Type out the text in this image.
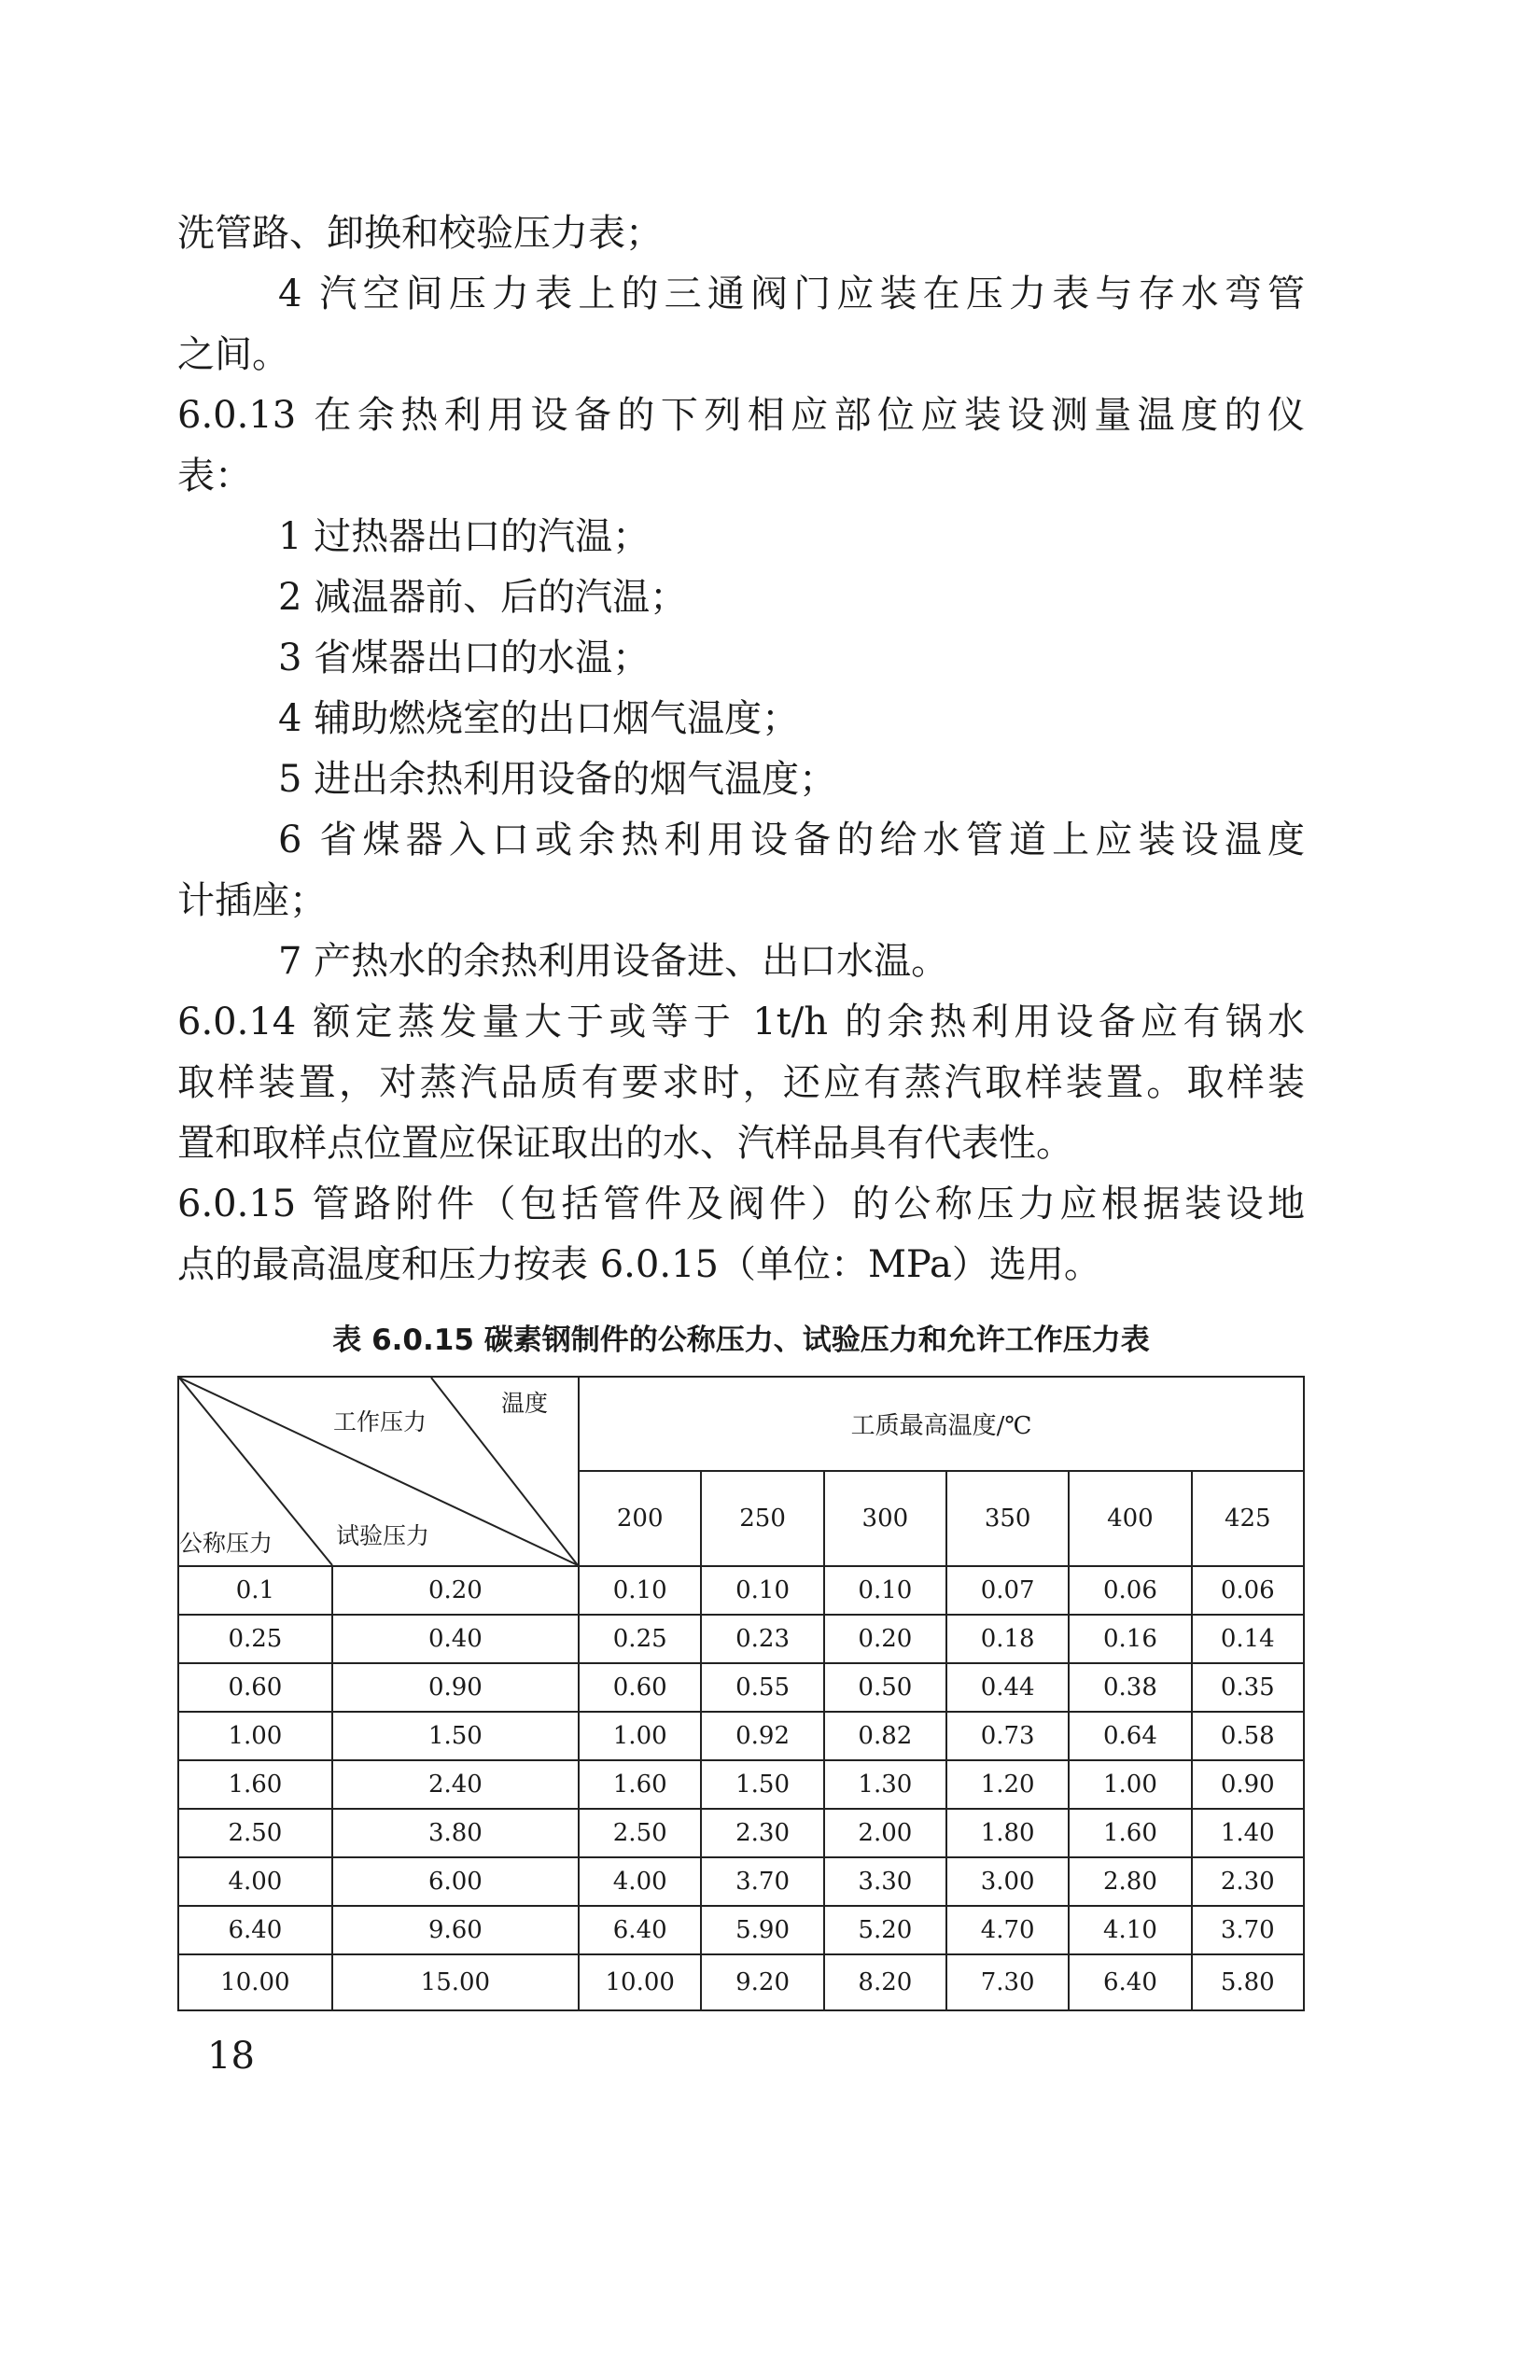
洗管路、卸换和校验压力表；
4 汽空间压力表上的三通阀门应装在压力表与存水弯管
之间。
6.0.13 在余热利用设备的下列相应部位应装设测量温度的仪
表：
1 过热器出口的汽温；
2 减温器前、后的汽温；
3 省煤器出口的水温；
4 辅助燃烧室的出口烟气温度；
5 进出余热利用设备的烟气温度；
6 省煤器入口或余热利用设备的给水管道上应装设温度
计插座；
7 产热水的余热利用设备进、出口水温。
6.0.14 额定蒸发量大于或等于 1t/h 的余热利用设备应有锅水
取样装置，对蒸汽品质有要求时，还应有蒸汽取样装置。取样装
置和取样点位置应保证取出的水、汽样品具有代表性。
6.0.15 管路附件（包括管件及阀件）的公称压力应根据装设地
点的最高温度和压力按表 6.0.15（单位：MPa）选用。
表 6.0.15 碳素钢制件的公称压力、试验压力和允许工作压力表
温度
工作压力
公称压力 试验压力		工质最高温度/℃					
		200	250	300	350	400	425
0.1	0.20	0.10	0.10	0.10	0.07	0.06	0.06
0.25	0.40	0.25	0.23	0.20	0.18	0.16	0.14
0.60	0.90	0.60	0.55	0.50	0.44	0.38	0.35
1.00	1.50	1.00	0.92	0.82	0.73	0.64	0.58
1.60	2.40	1.60	1.50	1.30	1.20	1.00	0.90
2.50	3.80	2.50	2.30	2.00	1.80	1.60	1.40
4.00	6.00	4.00	3.70	3.30	3.00	2.80	2.30
6.40	9.60	6.40	5.90	5.20	4.70	4.10	3.70
10.00	15.00	10.00	9.20	8.20	7.30	6.40	5.80
18
